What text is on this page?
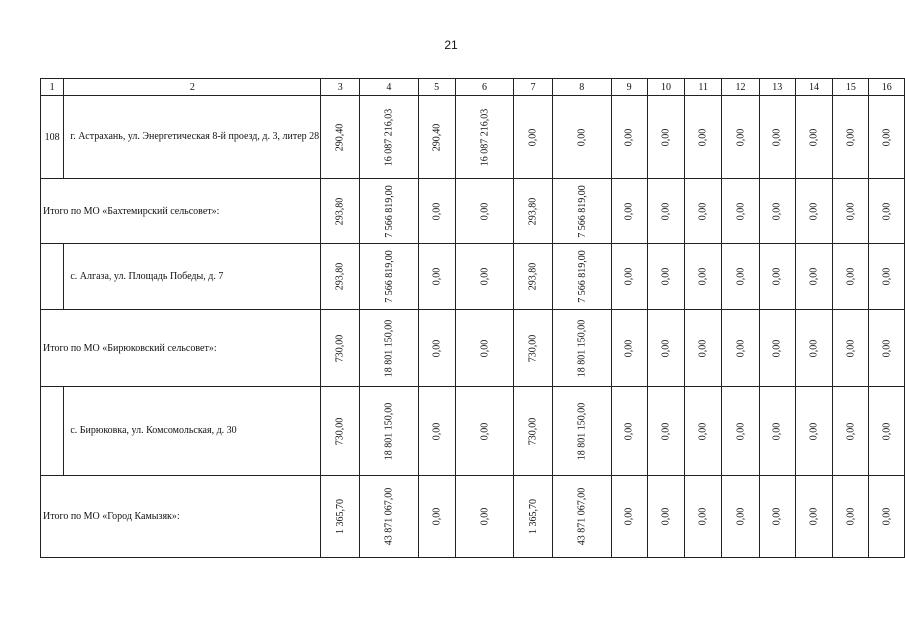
21
1	2	3	4	5	6	7	8	9	10	11	12	13	14	15	16
108	г. Астрахань, ул. Энергетическая 8-й проезд, д. 3, литер 28	290,40	16 087 216,03	290,40	16 087 216,03	0,00	0,00	0,00	0,00	0,00	0,00	0,00	0,00	0,00	0,00
Итого по МО «Бахтемирский сельсовет»:		293,80	7 566 819,00	0,00	0,00	293,80	7 566 819,00	0,00	0,00	0,00	0,00	0,00	0,00	0,00	0,00
	с. Алгаза, ул. Площадь Победы, д. 7	293,80	7 566 819,00	0,00	0,00	293,80	7 566 819,00	0,00	0,00	0,00	0,00	0,00	0,00	0,00	0,00
Итого по МО «Бирюковский сельсовет»:		730,00	18 801 150,00	0,00	0,00	730,00	18 801 150,00	0,00	0,00	0,00	0,00	0,00	0,00	0,00	0,00
	с. Бирюковка, ул. Комсомольская, д. 30	730,00	18 801 150,00	0,00	0,00	730,00	18 801 150,00	0,00	0,00	0,00	0,00	0,00	0,00	0,00	0,00
Итого по МО «Город Камызяк»:		1 365,70	43 871 067,00	0,00	0,00	1 365,70	43 871 067,00	0,00	0,00	0,00	0,00	0,00	0,00	0,00	0,00
